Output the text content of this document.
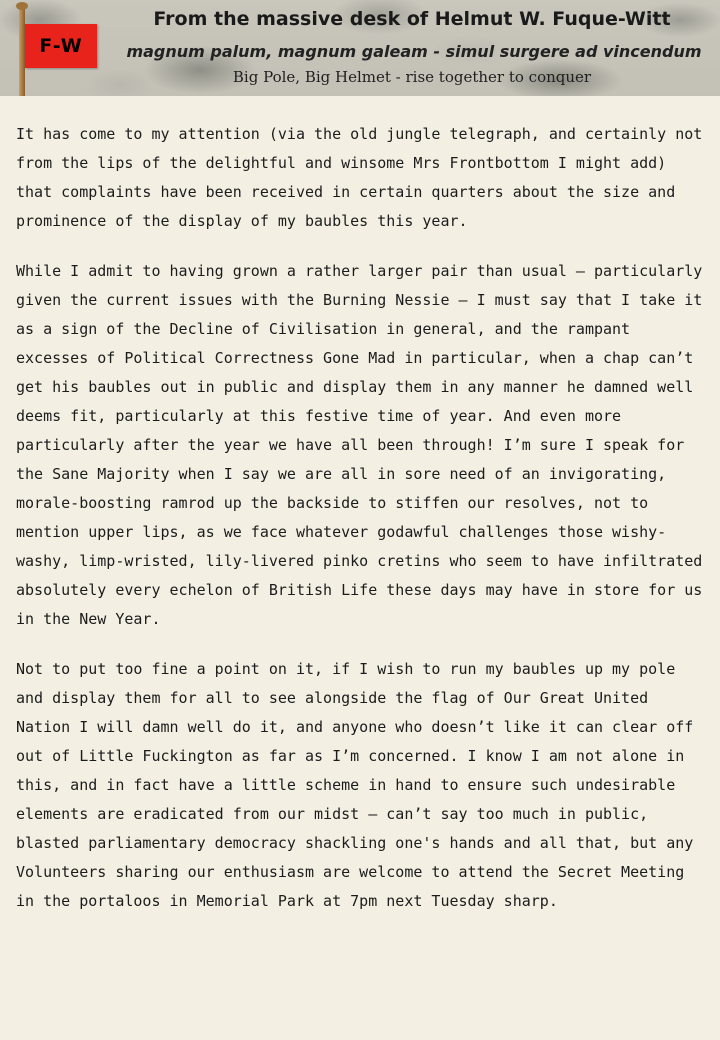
F-W
From the massive desk of Helmut W. Fuque-Witt
magnum palum, magnum galeam - simul surgere ad vincendum
Big Pole, Big Helmet - rise together to conquer

It has come to my attention (via the old jungle telegraph, and certainly not from the lips of the delightful and winsome Mrs Frontbottom I might add) that complaints have been received in certain quarters about the size and prominence of the display of my baubles this year.

While I admit to having grown a rather larger pair than usual – particularly given the current issues with the Burning Nessie – I must say that I take it as a sign of the Decline of Civilisation in general, and the rampant excesses of Political Correctness Gone Mad in particular, when a chap can’t get his baubles out in public and display them in any manner he damned well deems fit, particularly at this festive time of year. And even more particularly after the year we have all been through! I’m sure I speak for the Sane Majority when I say we are all in sore need of an invigorating, morale-boosting ramrod up the backside to stiffen our resolves, not to mention upper lips, as we face whatever godawful challenges those wishy-washy, limp-wristed, lily-livered pinko cretins who seem to have infiltrated absolutely every echelon of British Life these days may have in store for us in the New Year.

Not to put too fine a point on it, if I wish to run my baubles up my pole and display them for all to see alongside the flag of Our Great United Nation I will damn well do it, and anyone who doesn’t like it can clear off out of Little Fuckington as far as I’m concerned. I know I am not alone in this, and in fact have a little scheme in hand to ensure such undesirable elements are eradicated from our midst – can’t say too much in public, blasted parliamentary democracy shackling one's hands and all that, but any Volunteers sharing our enthusiasm are welcome to attend the Secret Meeting in the portaloos in Memorial Park at 7pm next Tuesday sharp.
